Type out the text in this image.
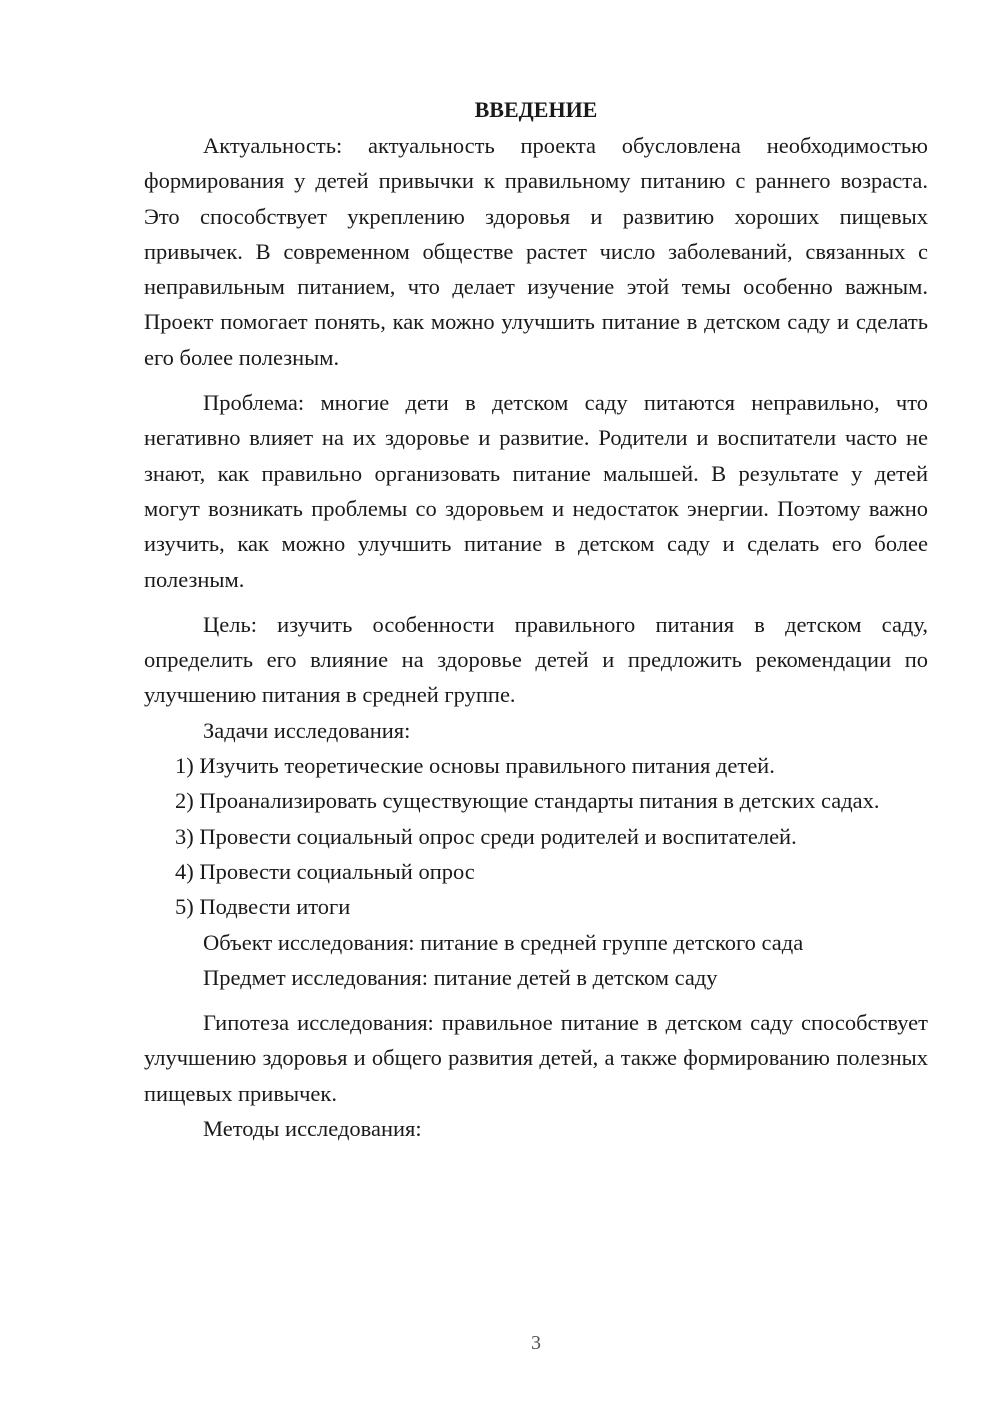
ВВЕДЕНИЕ

Актуальность: актуальность проекта обусловлена необходимостью формирования у детей привычки к правильному питанию с раннего возраста. Это способствует укреплению здоровья и развитию хороших пищевых привычек. В современном обществе растет число заболеваний, связанных с неправильным питанием, что делает изучение этой темы особенно важным. Проект помогает понять, как можно улучшить питание в детском саду и сделать его более полезным.

Проблема: многие дети в детском саду питаются неправильно, что негативно влияет на их здоровье и развитие. Родители и воспитатели часто не знают, как правильно организовать питание малышей. В результате у детей могут возникать проблемы со здоровьем и недостаток энергии. Поэтому важно изучить, как можно улучшить питание в детском саду и сделать его более полезным.

Цель: изучить особенности правильного питания в детском саду, определить его влияние на здоровье детей и предложить рекомендации по улучшению питания в средней группе.

Задачи исследования:

1) Изучить теоретические основы правильного питания детей.

2) Проанализировать существующие стандарты питания в детских садах.

3) Провести социальный опрос среди родителей и воспитателей.

4) Провести социальный опрос

5) Подвести итоги

Объект исследования: питание в средней группе детского сада

Предмет исследования: питание детей в детском саду

Гипотеза исследования: правильное питание в детском саду способствует улучшению здоровья и общего развития детей, а также формированию полезных пищевых привычек.

Методы исследования:

3
